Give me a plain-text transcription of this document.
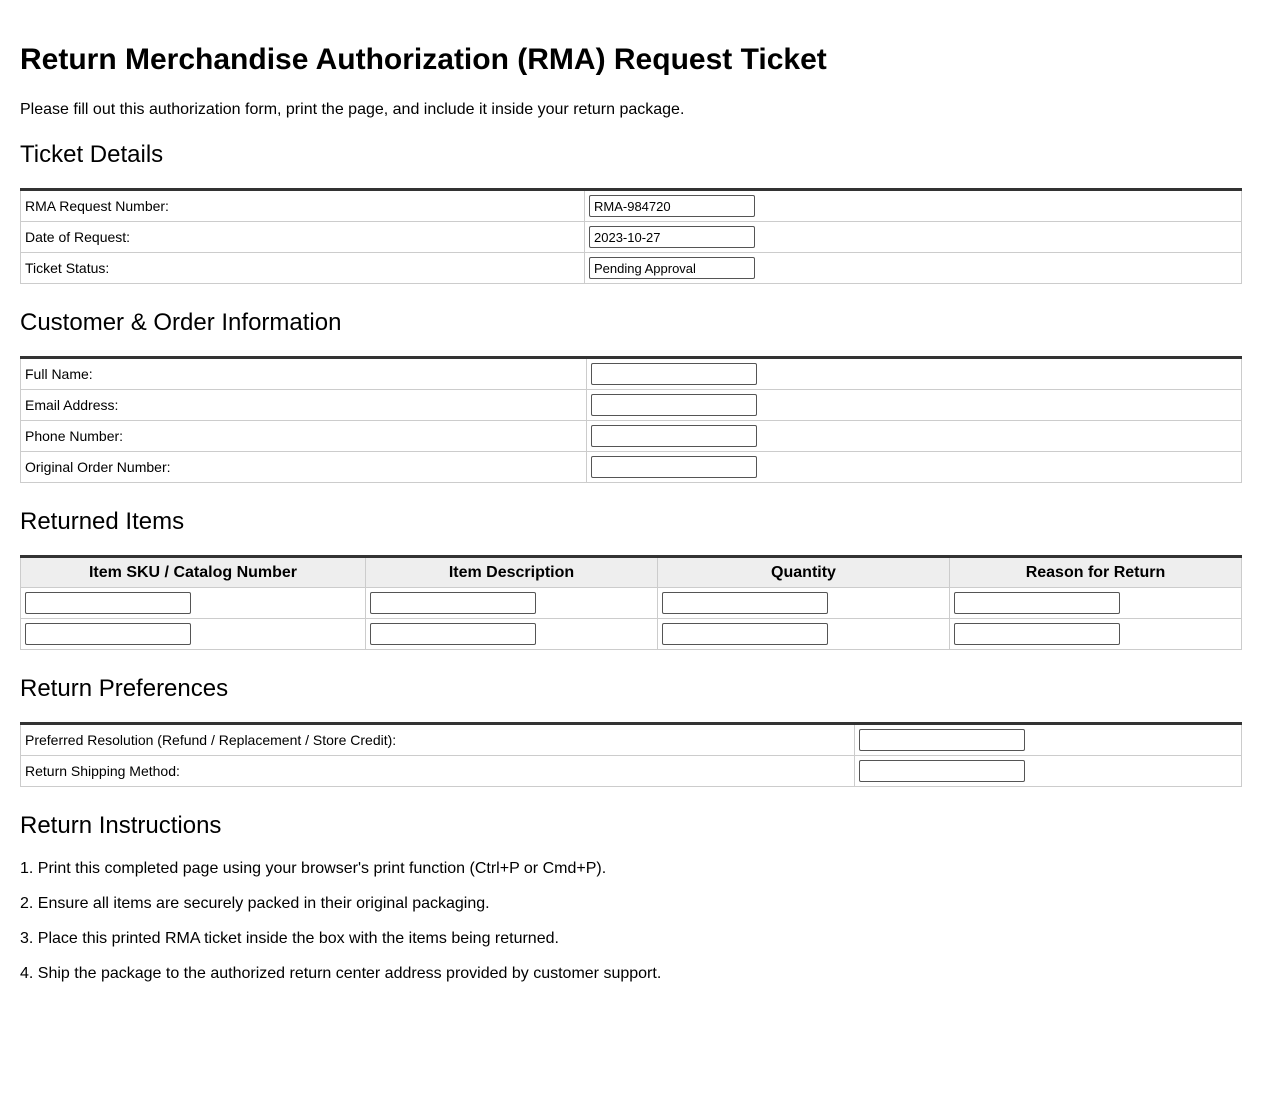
Return Merchandise Authorization (RMA) Request Ticket

Please fill out this authorization form, print the page, and include it inside your return package.

Ticket Details
RMA Request Number:	
RMA-984720
Date of Request:	
2023-10-27
Ticket Status:	
Pending Approval
Customer & Order Information
Full Name:	

Email Address:	

Phone Number:	

Original Order Number:	
Returned Items
Item SKU / Catalog Number	Item Description	Quantity	Reason for Return

Return Preferences
Preferred Resolution (Refund / Replacement / Store Credit):	

Return Shipping Method:	
Return Instructions

1. Print this completed page using your browser's print function (Ctrl+P or Cmd+P).

2. Ensure all items are securely packed in their original packaging.

3. Place this printed RMA ticket inside the box with the items being returned.

4. Ship the package to the authorized return center address provided by customer support.
